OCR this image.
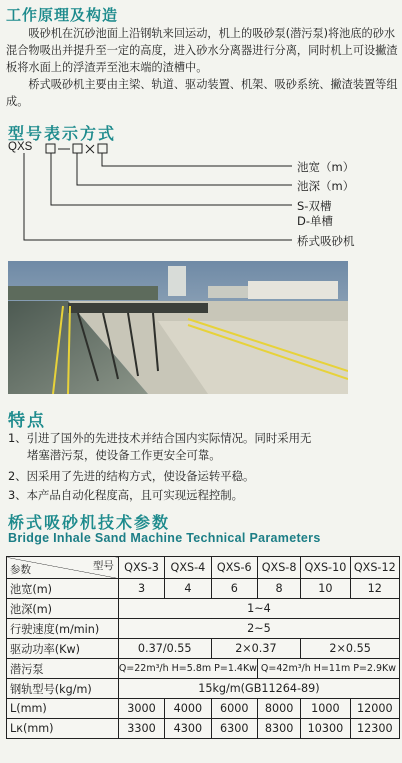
工作原理及构造

吸砂机在沉砂池面上沿钢轨来回运动，机上的吸砂泵(潜污泵)将池底的砂水混合物吸出并提升至一定的高度，进入砂水分离器进行分离，同时机上可设撇渣板将水面上的浮渣弄至池末端的渣槽中。

桥式吸砂机主要由主梁、轨道、驱动装置、机架、吸砂系统、撇渣装置等组成。

型号表示方式
QXS
池宽（m）
池深（m）
S-双槽
D-单槽
桥式吸砂机
特点
1、引进了国外的先进技术并结合国内实际情况。同时采用无
堵塞潜污泵，使设备工作更安全可靠。
2、因采用了先进的结构方式，使设备运转平稳。
3、本产品自动化程度高，且可实现远程控制。
桥式吸砂机技术参数
Bridge Inhale Sand Machine Technical Parameters
型号
参数	QXS-3	QXS-4	QXS-6	QXS-8	QXS-10	QXS-12
池宽(m)	3	4	6	8	10	12
池深(m)	1~4					
行驶速度(m/min)	2~5					
驱动功率(Kw)	0.37/0.55		2×0.37		2×0.55	
潜污泵	Q=22m³/h H=5.8m P=1.4Kw			Q=42m³/h H=11m P=2.9Kw		
钢轨型号(kg/m)	15kg/m(GB11264-89)					
L(mm)	3000	4000	6000	8000	1000	12000
Lк(mm)	3300	4300	6300	8300	10300	12300
